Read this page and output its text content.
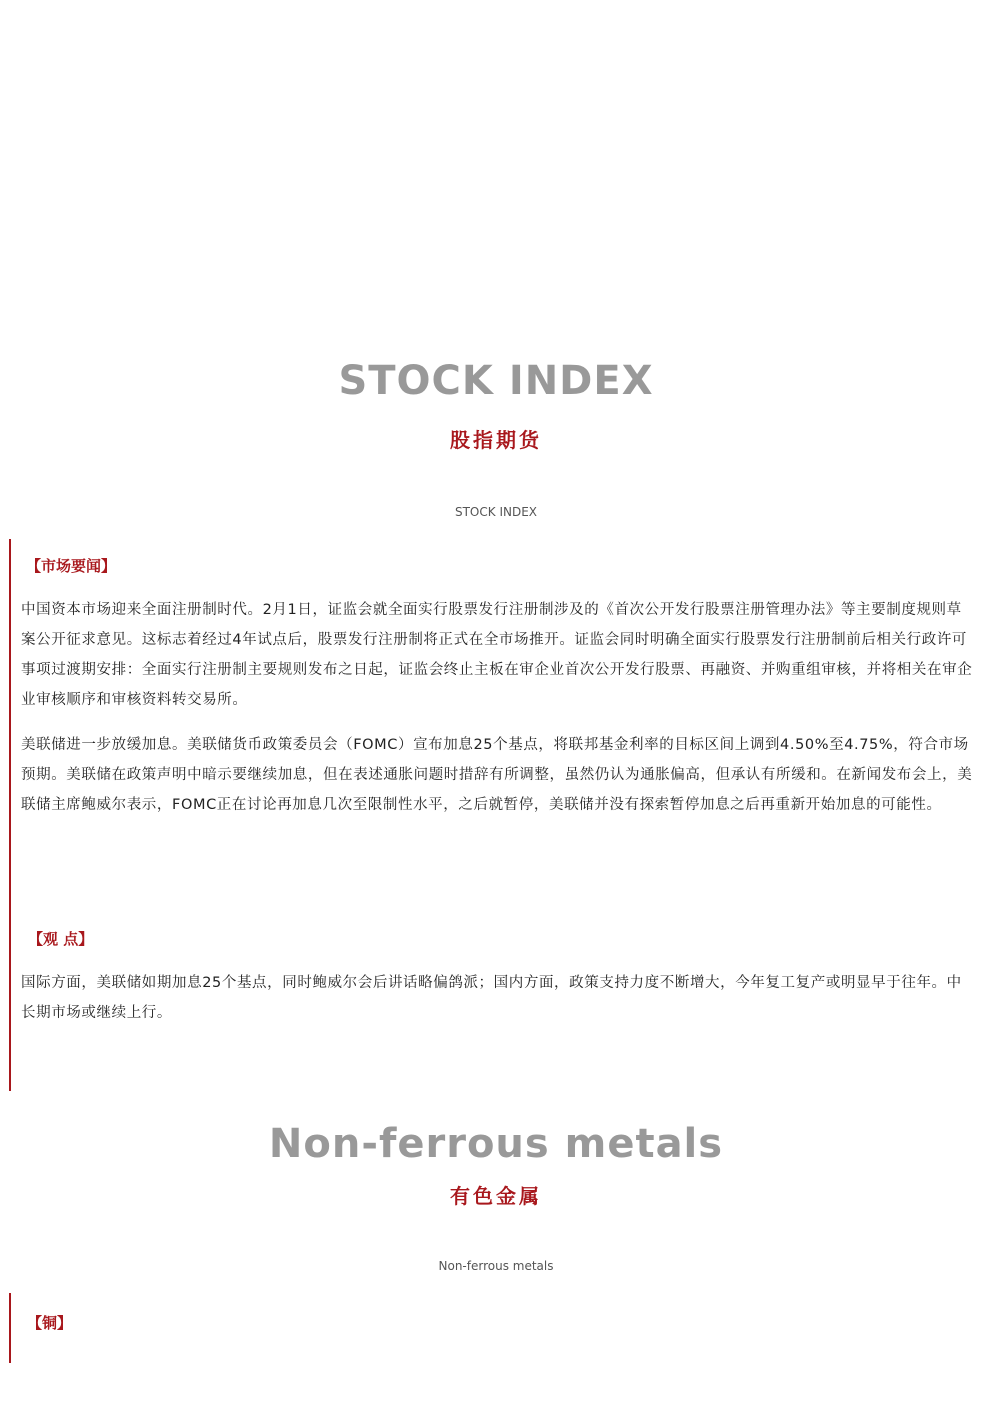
STOCK INDEX
股指期货
STOCK INDEX
【市场要闻】

中国资本市场迎来全面注册制时代。2月1日，证监会就全面实行股票发行注册制涉及的《首次公开发行股票注册管理办法》等主要制度规则草案公开征求意见。这标志着经过4年试点后，股票发行注册制将正式在全市场推开。证监会同时明确全面实行股票发行注册制前后相关行政许可事项过渡期安排：全面实行注册制主要规则发布之日起，证监会终止主板在审企业首次公开发行股票、再融资、并购重组审核，并将相关在审企业审核顺序和审核资料转交易所。

美联储进一步放缓加息。美联储货币政策委员会（FOMC）宣布加息25个基点，将联邦基金利率的目标区间上调到4.50%至4.75%，符合市场预期。美联储在政策声明中暗示要继续加息，但在表述通胀问题时措辞有所调整，虽然仍认为通胀偏高，但承认有所缓和。在新闻发布会上，美联储主席鲍威尔表示，FOMC正在讨论再加息几次至限制性水平，之后就暂停，美联储并没有探索暂停加息之后再重新开始加息的可能性。

【观 点】

国际方面，美联储如期加息25个基点，同时鲍威尔会后讲话略偏鸽派；国内方面，政策支持力度不断增大，今年复工复产或明显早于往年。中长期市场或继续上行。

Non-ferrous metals
有色金属
Non-ferrous metals
【铜】
